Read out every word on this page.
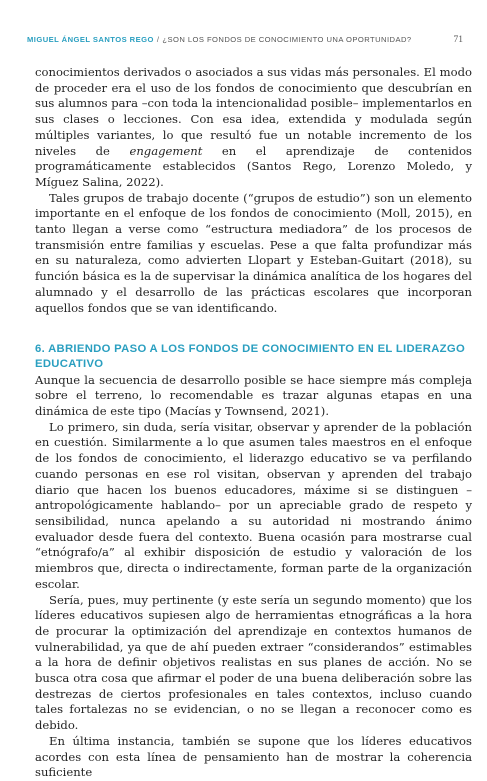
MIGUEL ÁNGEL SANTOS REGO / ¿SON LOS FONDOS DE CONOCIMIENTO UNA OPORTUNIDAD?	71

conocimientos derivados o asociados a sus vidas más personales. El modo de proceder era el uso de los fondos de conocimiento que descubrían en sus alumnos para –con toda la intencionalidad posible– implementarlos en sus clases o lecciones. Con esa idea, extendida y modulada según múltiples variantes, lo que resultó fue un notable incremento de los niveles de engagement en el aprendizaje de contenidos programáticamente establecidos (Santos Rego, Lorenzo Moledo, y Míguez Salina, 2022).

Tales grupos de trabajo docente (“grupos de estudio”) son un elemento importante en el enfoque de los fondos de conocimiento (Moll, 2015), en tanto llegan a verse como “estructura mediadora” de los procesos de transmisión entre familias y escuelas. Pese a que falta profundizar más en su naturaleza, como advierten Llopart y Esteban-Guitart (2018), su función básica es la de supervisar la dinámica analítica de los hogares del alumnado y el desarrollo de las prácticas escolares que incorporan aquellos fondos que se van identificando.

6. ABRIENDO PASO A LOS FONDOS DE CONOCIMIENTO EN EL LIDERAZGO EDUCATIVO

Aunque la secuencia de desarrollo posible se hace siempre más compleja sobre el terreno, lo recomendable es trazar algunas etapas en una dinámica de este tipo (Macías y Townsend, 2021).

Lo primero, sin duda, sería visitar, observar y aprender de la población en cuestión. Similarmente a lo que asumen tales maestros en el enfoque de los fondos de conocimiento, el liderazgo educativo se va perfilando cuando personas en ese rol visitan, observan y aprenden del trabajo diario que hacen los buenos educadores, máxime si se distinguen –antropológicamente hablando– por un apreciable grado de respeto y sensibilidad, nunca apelando a su autoridad ni mostrando ánimo evaluador desde fuera del contexto. Buena ocasión para mostrarse cual “etnógrafo/a” al exhibir disposición de estudio y valoración de los miembros que, directa o indirectamente, forman parte de la organización escolar.

Sería, pues, muy pertinente (y este sería un segundo momento) que los líderes educativos supiesen algo de herramientas etnográficas a la hora de procurar la optimización del aprendizaje en contextos humanos de vulnerabilidad, ya que de ahí pueden extraer “considerandos” estimables a la hora de definir objetivos realistas en sus planes de acción. No se busca otra cosa que afirmar el poder de una buena deliberación sobre las destrezas de ciertos profesionales en tales contextos, incluso cuando tales fortalezas no se evidencian, o no se llegan a reconocer como es debido.

En última instancia, también se supone que los líderes educativos acordes con esta línea de pensamiento han de mostrar la coherencia suficiente
